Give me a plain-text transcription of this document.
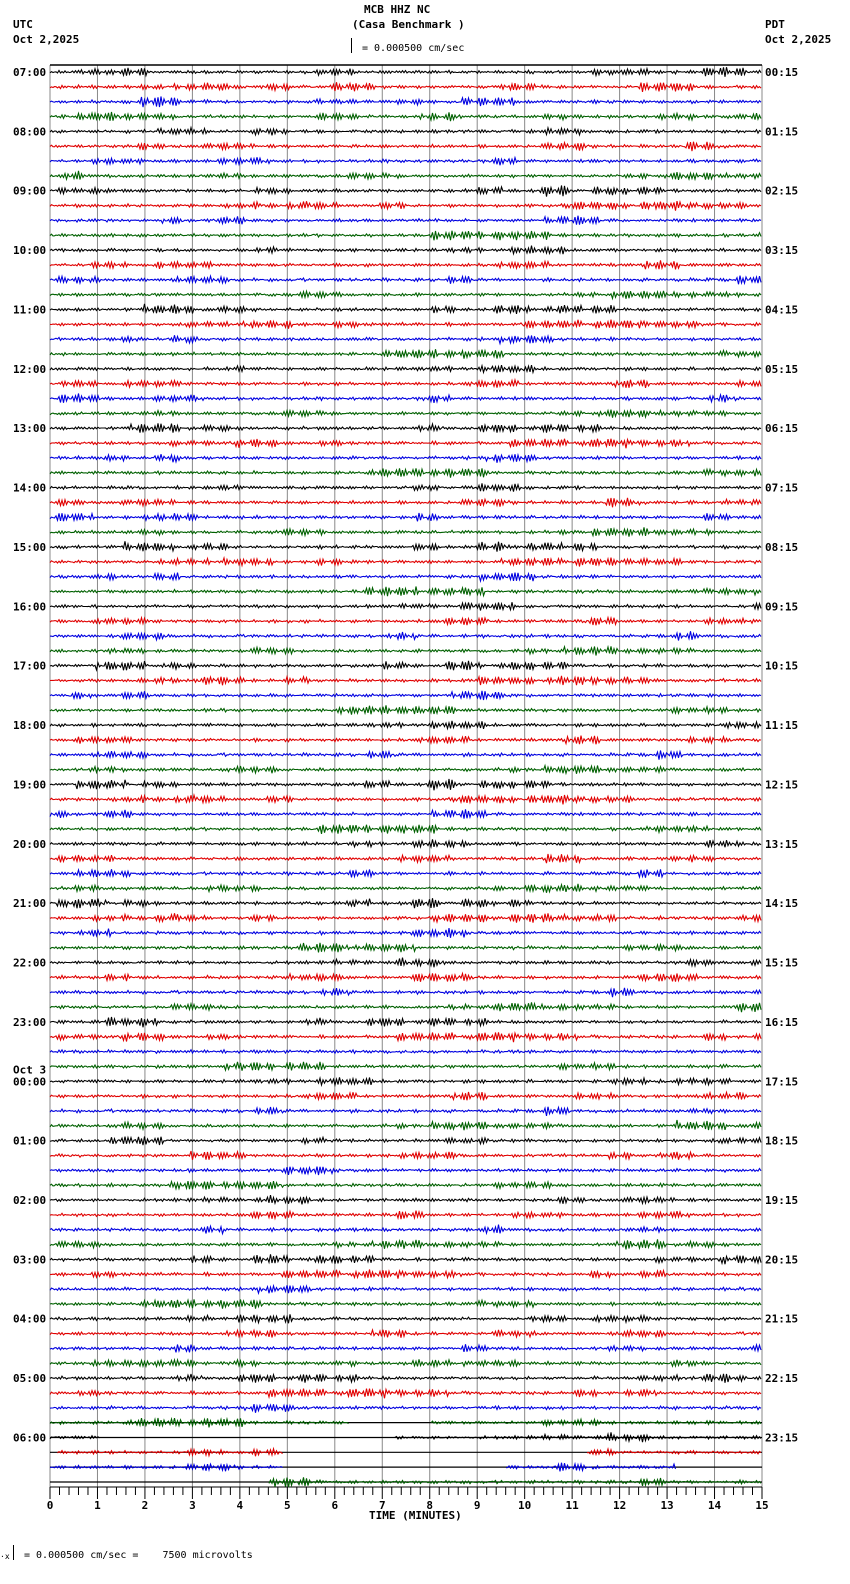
MCB HHZ NC
(Casa Benchmark )
UTC
Oct 2,2025
PDT
Oct 2,2025
= 0.000500 cm/sec
0	1	2	3	4	5	6	7	8	9	10	11	12	13	14	15
07:00
08:00
09:00
10:00
11:00
12:00
13:00
14:00
15:00
16:00
17:00
18:00
19:00
20:00
21:00
22:00
23:00
00:00
Oct 3
01:00
02:00
03:00
04:00
05:00
06:00
00:15
01:15
02:15
03:15
04:15
05:15
06:15
07:15
08:15
09:15
10:15
11:15
12:15
13:15
14:15
15:15
16:15
17:15
18:15
19:15
20:15
21:15
22:15
23:15
TIME (MINUTES)
·x = 0.000500 cm/sec =    7500 microvolts
